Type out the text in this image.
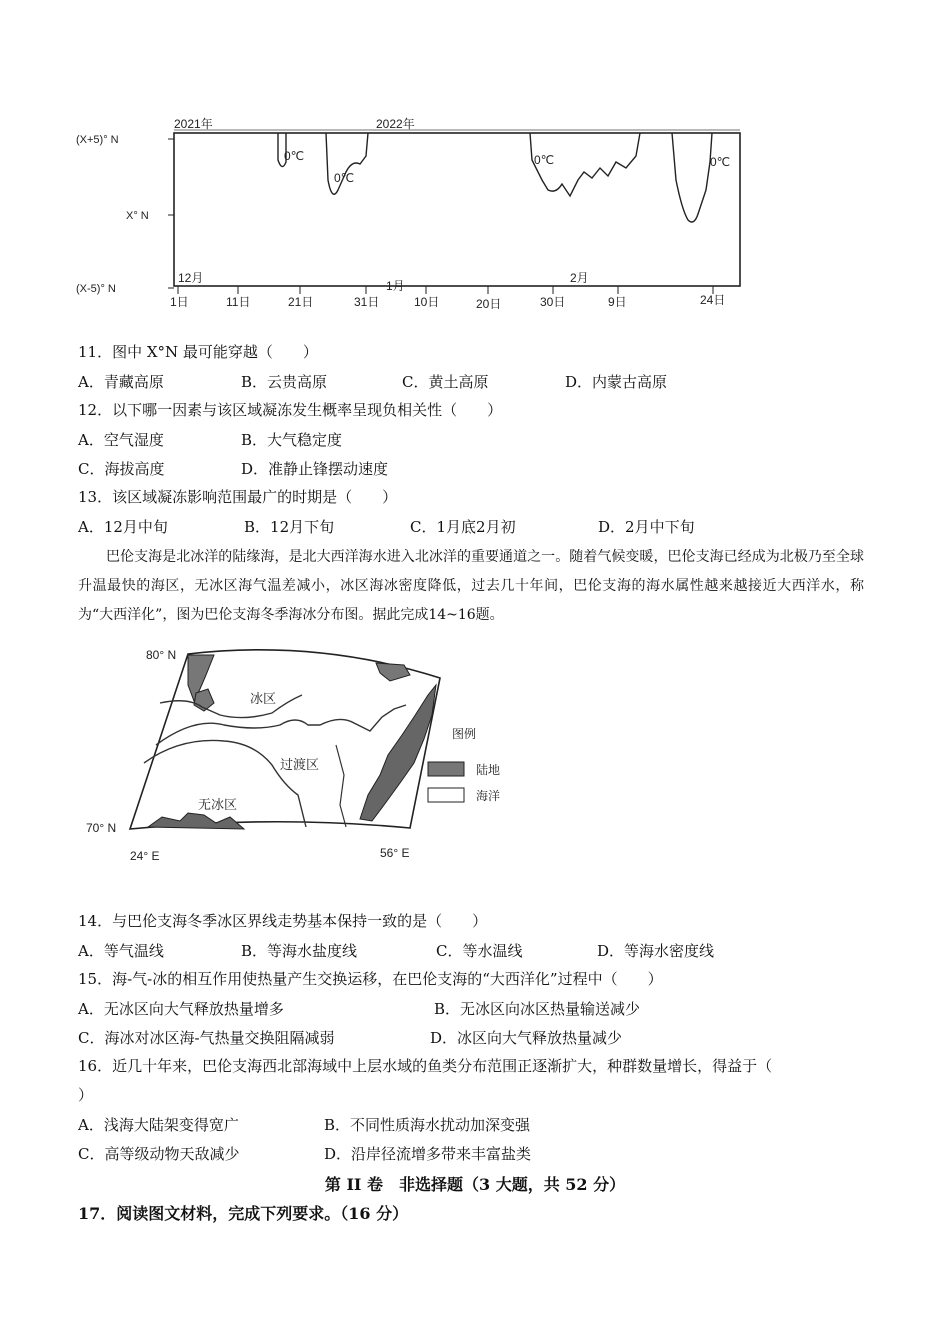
2021年	2022年
(X+5)° N
X° N
(X-5)° N
12月
1月
2月
1日	11日	21日	31日	10日	20日	30日	9日	24日
0℃
0℃
0℃	0℃
11．图中 X°N 最可能穿越（　　）
A．青藏高原	B．云贵高原	C．黄土高原	D．内蒙古高原
12．以下哪一因素与该区域凝冻发生概率呈现负相关性（　　）
A．空气湿度	B．大气稳定度
C．海拔高度	D．准静止锋摆动速度
13．该区域凝冻影响范围最广的时期是（　　）
A．12月中旬	B．12月下旬	C．1月底2月初	D．2月中下旬
巴伦支海是北冰洋的陆缘海，是北大西洋海水进入北冰洋的重要通道之一。随着气候变暖，巴伦支海已经成为北极乃至全球升温最快的海区，无冰区海气温差减小，冰区海冰密度降低，过去几十年间，巴伦支海的海水属性越来越接近大西洋水，称为“大西洋化”，图为巴伦支海冬季海冰分布图。据此完成14~16题。
80° N
70° N
24° E	56° E
冰区
过渡区
无冰区
图例
陆地
海洋
14．与巴伦支海冬季冰区界线走势基本保持一致的是（　　）
A．等气温线	B．等海水盐度线	C．等水温线	D．等海水密度线
15．海-气-冰的相互作用使热量产生交换运移，在巴伦支海的“大西洋化”过程中（　　）
A．无冰区向大气释放热量增多	B．无冰区向冰区热量输送减少
C．海冰对冰区海-气热量交换阻隔减弱	D．冰区向大气释放热量减少
16．近几十年来，巴伦支海西北部海域中上层水域的鱼类分布范围正逐渐扩大，种群数量增长，得益于（
）
A．浅海大陆架变得宽广	B．不同性质海水扰动加深变强
C．高等级动物天敌减少	D．沿岸径流增多带来丰富盐类
第 II 卷　非选择题（3 大题，共 52 分）
17．阅读图文材料，完成下列要求。（16 分）
